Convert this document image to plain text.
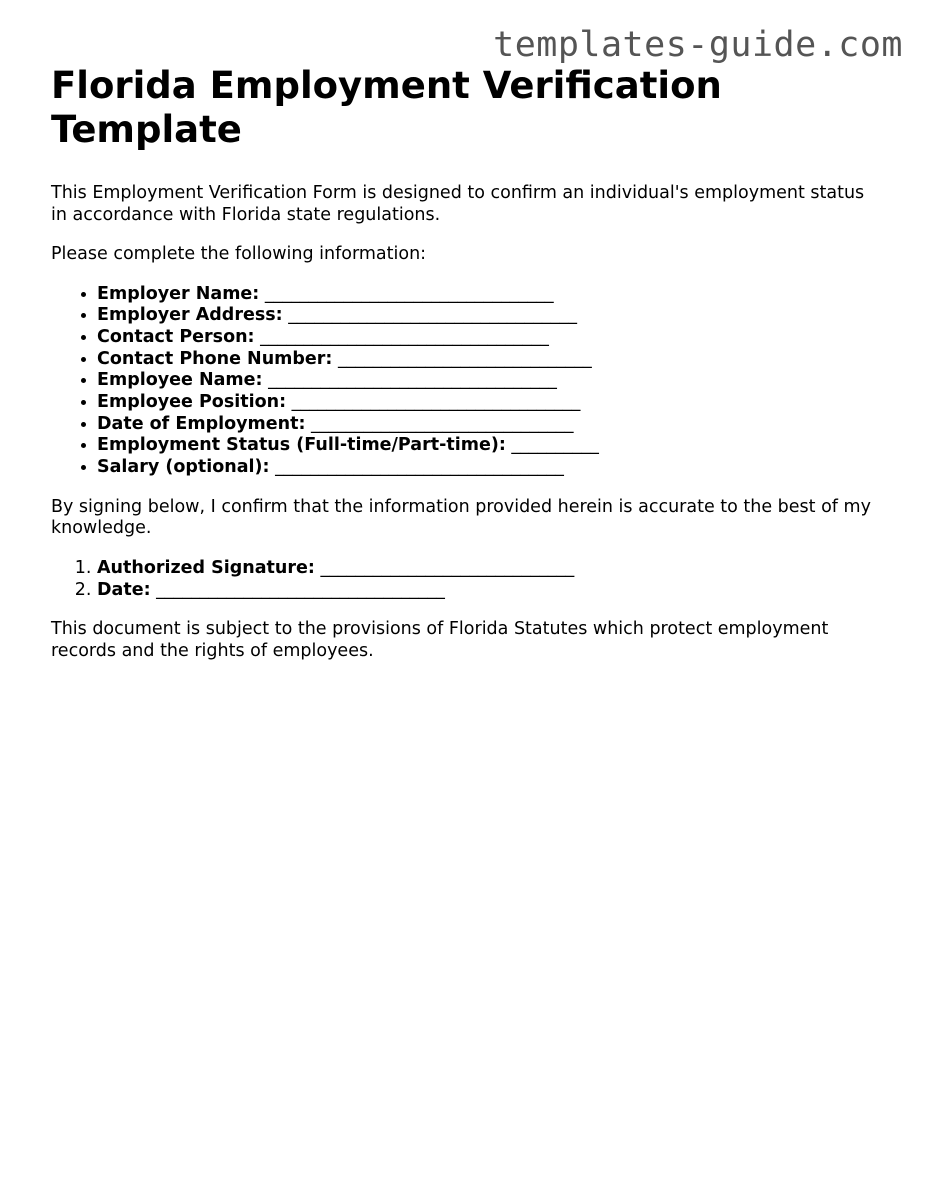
templates-guide.com
Florida Employment Verification Template

This Employment Verification Form is designed to confirm an individual's employment status in accordance with Florida state regulations.

Please complete the following information:

• Employer Name: _________________________________
• Employer Address: _________________________________
• Contact Person: _________________________________
• Contact Phone Number: _____________________________
• Employee Name: _________________________________
• Employee Position: _________________________________
• Date of Employment: ______________________________
• Employment Status (Full-time/Part-time): __________
• Salary (optional): _________________________________

By signing below, I confirm that the information provided herein is accurate to the best of my knowledge.

1. Authorized Signature: _____________________________
2. Date: _________________________________

This document is subject to the provisions of Florida Statutes which protect employment records and the rights of employees.
